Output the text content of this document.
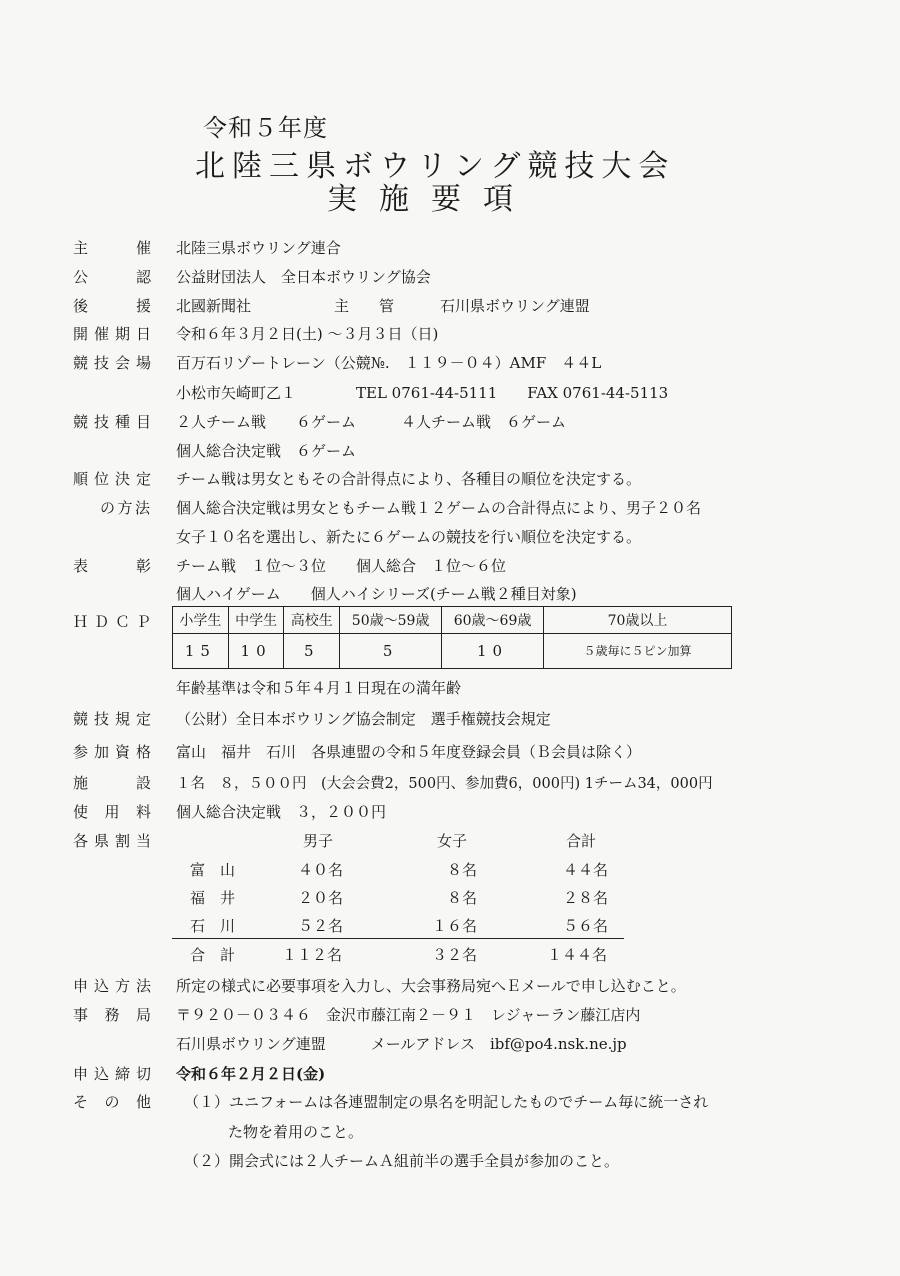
令和５年度
北陸三県ボウリング競技大会
実施要項
主催 北陸三県ボウリング連合
公認 公益財団法人　全日本ボウリング協会
後援 北國新聞社	主　　管	石川県ボウリング連盟
開催期日 令和６年３月２日(土) ～３月３日（日)
競技会場 百万石リゾートレーン（公競№.　１１９－０４）AMF　４４L
小松市矢崎町乙１　　　　TEL 0761-44-5111　　FAX 0761-44-5113
競技種目 ２人チーム戦　　６ゲーム　　　４人チーム戦　６ゲーム
個人総合決定戦　６ゲーム
順位決定 チーム戦は男女ともその合計得点により、各種目の順位を決定する。
の方法 個人総合決定戦は男女ともチーム戦１２ゲームの合計得点により、男子２０名
女子１０名を選出し、新たに６ゲームの競技を行い順位を決定する。
表彰 チーム戦　１位～３位　　個人総合　１位～６位
個人ハイゲーム　　個人ハイシリーズ(チーム戦２種目対象)
ＨＤＣＰ 小学生	中学生	高校生	50歳～59歳	60歳～69歳	70歳以上
15	10	5	5	10	５歳毎に５ピン加算
年齢基準は令和５年４月１日現在の満年齢
競技規定 （公財）全日本ボウリング協会制定　選手権競技会規定
参加資格 富山　福井　石川　各県連盟の令和５年度登録会員（Ｂ会員は除く）
施設 １名　８，５００円　(大会会費2，500円、参加費6，000円) 1チーム34，000円
使用料 個人総合決定戦　３，２００円
各県割当	男子	女子	合計
富　山	４０名	８名	４４名
福　井	２０名	８名	２８名
石　川	５２名	１６名	５６名
合　計	１１２名	３２名	１４４名
申込方法 所定の様式に必要事項を入力し、大会事務局宛へＥメールで申し込むこと。
事務局 〒９２０－０３４６　金沢市藤江南２－９１　レジャーラン藤江店内
石川県ボウリング連盟　　　メールアドレス　ibf@po4.nsk.ne.jp
申込締切 令和６年２月２日(金)
その他 （１）ユニフォームは各連盟制定の県名を明記したものでチーム毎に統一され
た物を着用のこと。
（２）開会式には２人チームＡ組前半の選手全員が参加のこと。
